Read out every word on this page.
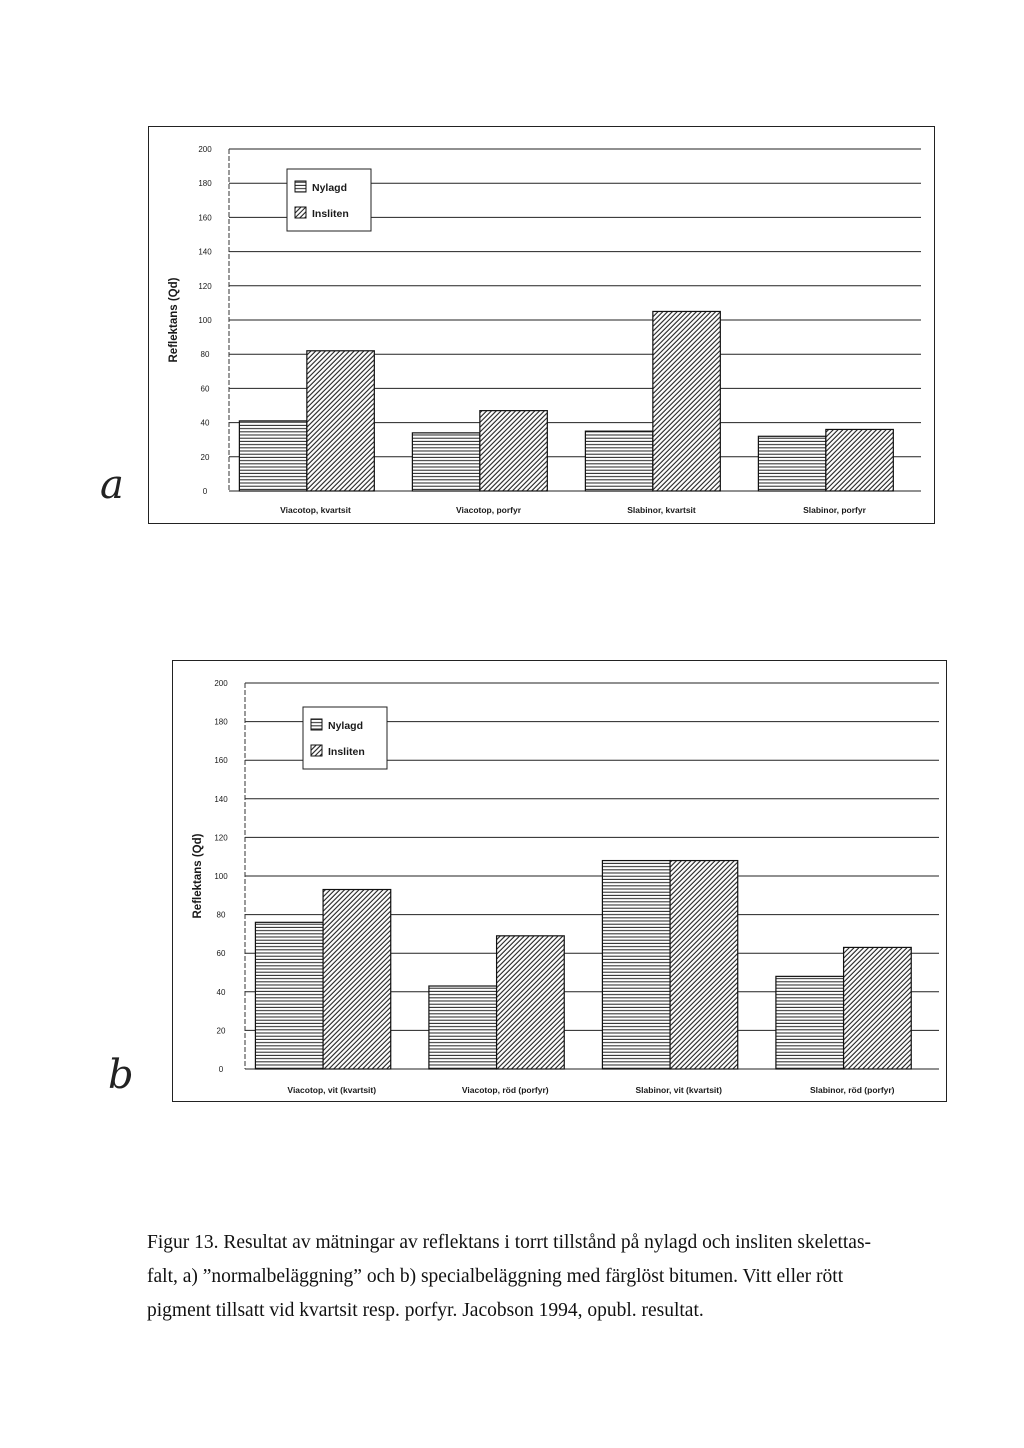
0
20
40
60
80
100
120
140
160
180
200
Reflektans (Qd)
Viacotop, kvartsit	Viacotop, porfyr	Slabinor, kvartsit	Slabinor, porfyr
Nylagd
Insliten
a
0
20
40
60
80
100
120
140
160
180
200
Reflektans (Qd)
Viacotop, vit (kvartsit)	Viacotop, röd (porfyr)	Slabinor, vit (kvartsit)	Slabinor, röd (porfyr)
Nylagd
Insliten
b

Figur 13. Resultat av mätningar av reflektans i torrt tillstånd på nylagd och insliten skelettas-

falt, a) ”normalbeläggning” och b) specialbeläggning med färglöst bitumen. Vitt eller rött

pigment tillsatt vid kvartsit resp. porfyr. Jacobson 1994, opubl. resultat.
